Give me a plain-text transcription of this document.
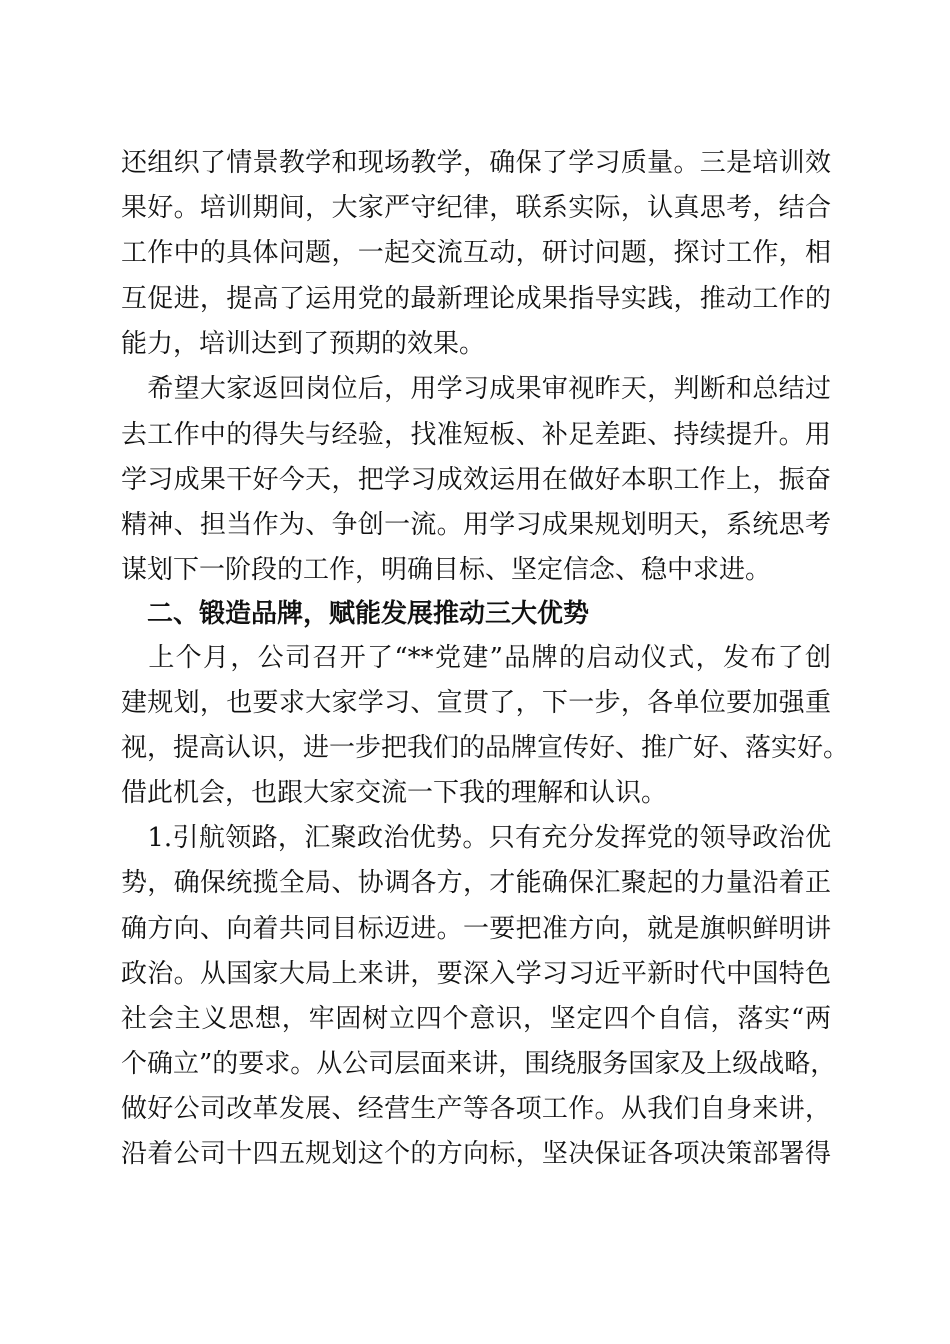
还组织了情景教学和现场教学，确保了学习质量。三是培训效
果好。培训期间，大家严守纪律，联系实际，认真思考，结合
工作中的具体问题，一起交流互动，研讨问题，探讨工作，相
互促进，提高了运用党的最新理论成果指导实践，推动工作的
能力，培训达到了预期的效果。
　希望大家返回岗位后，用学习成果审视昨天，判断和总结过
去工作中的得失与经验，找准短板、补足差距、持续提升。用
学习成果干好今天，把学习成效运用在做好本职工作上，振奋
精神、担当作为、争创一流。用学习成果规划明天，系统思考
谋划下一阶段的工作，明确目标、坚定信念、稳中求进。
　二、锻造品牌，赋能发展推动三大优势
　上个月，公司召开了“**党建”品牌的启动仪式，发布了创
建规划，也要求大家学习、宣贯了，下一步，各单位要加强重
视，提高认识，进一步把我们的品牌宣传好、推广好、落实好。
借此机会，也跟大家交流一下我的理解和认识。
　1.引航领路，汇聚政治优势。只有充分发挥党的领导政治优
势，确保统揽全局、协调各方，才能确保汇聚起的力量沿着正
确方向、向着共同目标迈进。一要把准方向，就是旗帜鲜明讲
政治。从国家大局上来讲，要深入学习习近平新时代中国特色
社会主义思想，牢固树立四个意识，坚定四个自信，落实“两
个确立”的要求。从公司层面来讲，围绕服务国家及上级战略，
做好公司改革发展、经营生产等各项工作。从我们自身来讲，
沿着公司十四五规划这个的方向标，坚决保证各项决策部署得
